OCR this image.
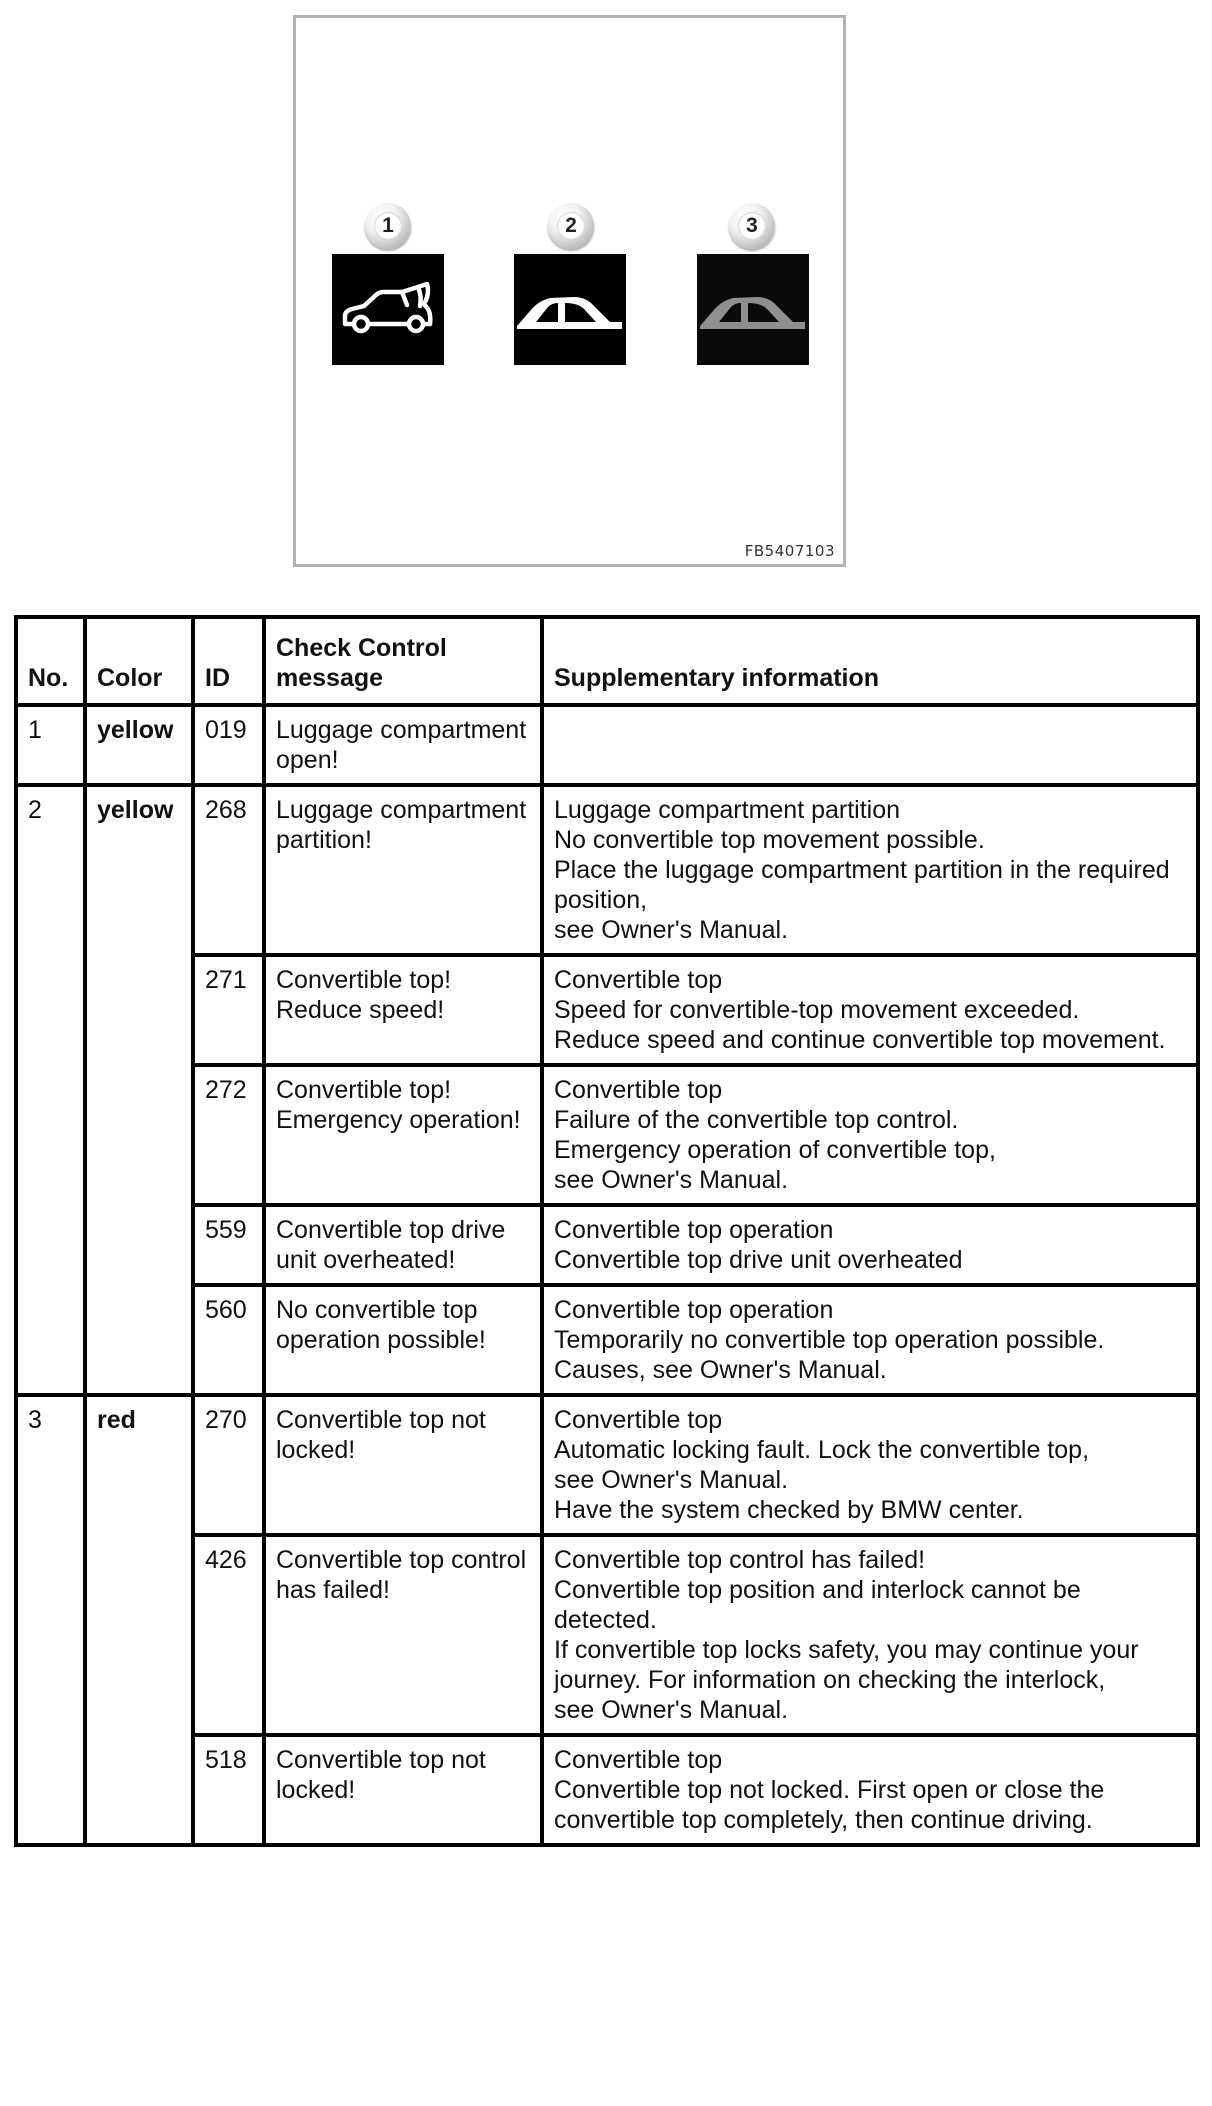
1	2	3
FB5407103
No.	Color	ID	Check Control message	Supplementary information
1	yellow	019	Luggage compartment open!	
2	yellow	268	Luggage compartment partition!	Luggage compartment partition
No convertible top movement possible.
Place the luggage compartment partition in the required position,
see Owner's Manual.

		271	Convertible top! Reduce speed!	Convertible top
Speed for convertible-top movement exceeded.
Reduce speed and continue convertible top movement.

		272	Convertible top! Emergency operation!	Convertible top
Failure of the convertible top control.
Emergency operation of convertible top,
see Owner's Manual.

		559	Convertible top drive unit overheated!	Convertible top operation
Convertible top drive unit overheated

		560	No convertible top operation possible!	Convertible top operation
Temporarily no convertible top operation possible.
Causes, see Owner's Manual.

3	red	270	Convertible top not locked!	Convertible top
Automatic locking fault. Lock the convertible top,
see Owner's Manual.
Have the system checked by BMW center.

		426	Convertible top control has failed!	Convertible top control has failed!
Convertible top position and interlock cannot be detected.
If convertible top locks safety, you may continue your journey. For information on checking the interlock,
see Owner's Manual.

		518	Convertible top not locked!	Convertible top
Convertible top not locked. First open or close the convertible top completely, then continue driving.
